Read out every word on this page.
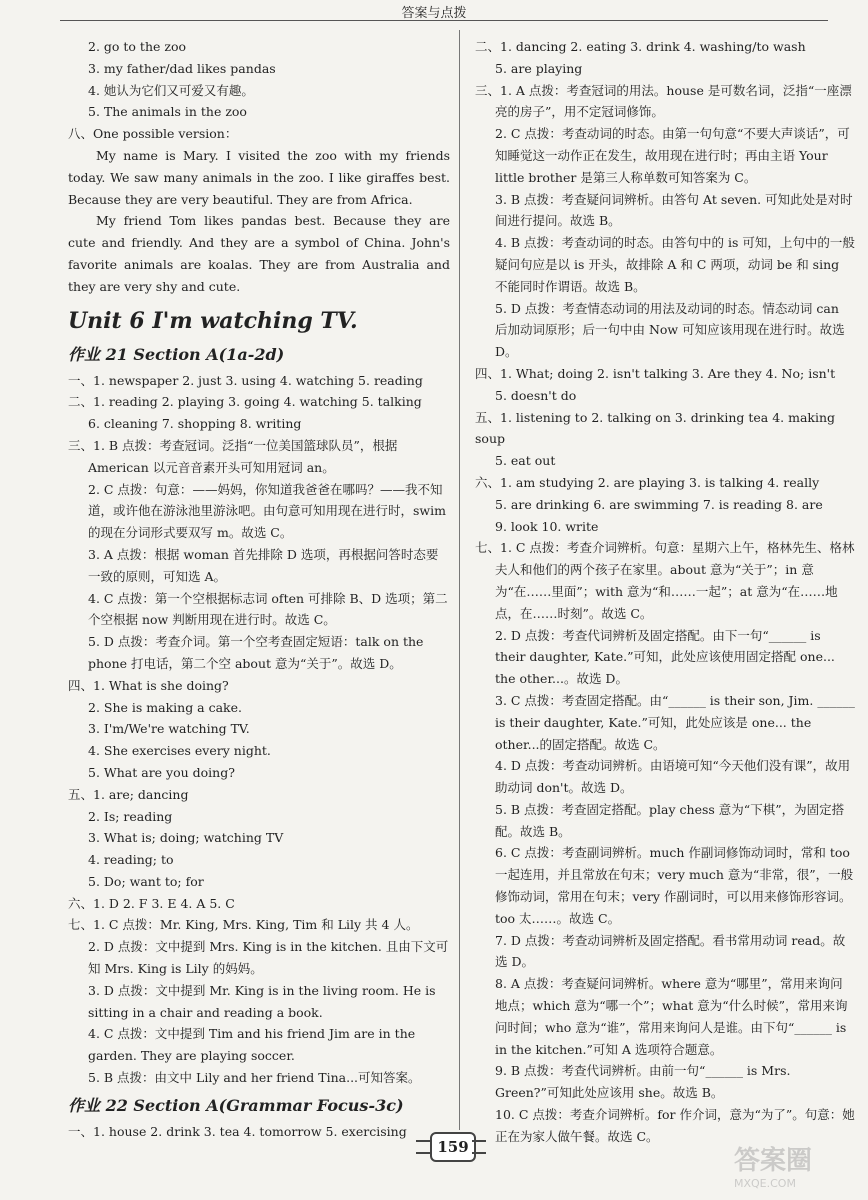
答案与点拨

2. go to the zoo

3. my father/dad likes pandas

4. 她认为它们又可爱又有趣。

5. The animals in the zoo

八、One possible version：

My name is Mary. I visited the zoo with my friends today. We saw many animals in the zoo. I like giraffes best. Because they are very beautiful. They are from Africa.

My friend Tom likes pandas best. Because they are cute and friendly. And they are a symbol of China. John's favorite animals are koalas. They are from Australia and they are very shy and cute.

Unit 6 I'm watching TV.
作业 21 Section A(1a-2d)

一、1. newspaper 2. just 3. using 4. watching 5. reading

二、1. reading 2. playing 3. going 4. watching 5. talking

6. cleaning 7. shopping 8. writing

三、1. B 点拨：考查冠词。泛指“一位美国篮球队员”，根据 American 以元音音素开头可知用冠词 an。

2. C 点拨：句意：——妈妈，你知道我爸爸在哪吗？——我不知道，或许他在游泳池里游泳吧。由句意可知用现在进行时，swim 的现在分词形式要双写 m。故选 C。

3. A 点拨：根据 woman 首先排除 D 选项，再根据问答时态要一致的原则，可知选 A。

4. C 点拨：第一个空根据标志词 often 可排除 B、D 选项；第二个空根据 now 判断用现在进行时。故选 C。

5. D 点拨：考查介词。第一个空考查固定短语：talk on the phone 打电话，第二个空 about 意为“关于”。故选 D。

四、1. What is she doing?

2. She is making a cake.

3. I'm/We're watching TV.

4. She exercises every night.

5. What are you doing?

五、1. are; dancing

2. Is; reading

3. What is; doing; watching TV

4. reading; to

5. Do; want to; for

六、1. D 2. F 3. E 4. A 5. C

七、1. C 点拨：Mr. King, Mrs. King, Tim 和 Lily 共 4 人。

2. D 点拨：文中提到 Mrs. King is in the kitchen. 且由下文可知 Mrs. King is Lily 的妈妈。

3. D 点拨：文中提到 Mr. King is in the living room. He is sitting in a chair and reading a book.

4. C 点拨：文中提到 Tim and his friend Jim are in the garden. They are playing soccer.

5. B 点拨：由文中 Lily and her friend Tina...可知答案。

作业 22 Section A(Grammar Focus-3c)

一、1. house 2. drink 3. tea 4. tomorrow 5. exercising

二、1. dancing 2. eating 3. drink 4. washing/to wash

5. are playing

三、1. A 点拨：考查冠词的用法。house 是可数名词，泛指“一座漂亮的房子”，用不定冠词修饰。

2. C 点拨：考查动词的时态。由第一句句意“不要大声谈话”，可知睡觉这一动作正在发生，故用现在进行时；再由主语 Your little brother 是第三人称单数可知答案为 C。

3. B 点拨：考查疑问词辨析。由答句 At seven. 可知此处是对时间进行提问。故选 B。

4. B 点拨：考查动词的时态。由答句中的 is 可知，上句中的一般疑问句应是以 is 开头，故排除 A 和 C 两项，动词 be 和 sing 不能同时作谓语。故选 B。

5. D 点拨：考查情态动词的用法及动词的时态。情态动词 can 后加动词原形；后一句中由 Now 可知应该用现在进行时。故选 D。

四、1. What; doing 2. isn't talking 3. Are they 4. No; isn't

5. doesn't do

五、1. listening to 2. talking on 3. drinking tea 4. making soup

5. eat out

六、1. am studying 2. are playing 3. is talking 4. really

5. are drinking 6. are swimming 7. is reading 8. are

9. look 10. write

七、1. C 点拨：考查介词辨析。句意：星期六上午，格林先生、格林夫人和他们的两个孩子在家里。about 意为“关于”；in 意为“在……里面”；with 意为“和……一起”；at 意为“在……地点，在……时刻”。故选 C。

2. D 点拨：考查代词辨析及固定搭配。由下一句“______ is their daughter, Kate.”可知，此处应该使用固定搭配 one... the other...。故选 D。

3. C 点拨：考查固定搭配。由“______ is their son, Jim. ______ is their daughter, Kate.”可知，此处应该是 one... the other...的固定搭配。故选 C。

4. D 点拨：考查动词辨析。由语境可知“今天他们没有课”，故用助动词 don't。故选 D。

5. B 点拨：考查固定搭配。play chess 意为“下棋”，为固定搭配。故选 B。

6. C 点拨：考查副词辨析。much 作副词修饰动词时，常和 too 一起连用，并且常放在句末；very much 意为“非常，很”，一般修饰动词，常用在句末；very 作副词时，可以用来修饰形容词。too 太……。故选 C。

7. D 点拨：考查动词辨析及固定搭配。看书常用动词 read。故选 D。

8. A 点拨：考查疑问词辨析。where 意为“哪里”，常用来询问地点；which 意为“哪一个”；what 意为“什么时候”，常用来询问时间；who 意为“谁”，常用来询问人是谁。由下句“______ is in the kitchen.”可知 A 选项符合题意。

9. B 点拨：考查代词辨析。由前一句“______ is Mrs. Green?”可知此处应该用 she。故选 B。

10. C 点拨：考查介词辨析。for 作介词，意为“为了”。句意：她正在为家人做午餐。故选 C。

159	答案圈
MXQE.COM
